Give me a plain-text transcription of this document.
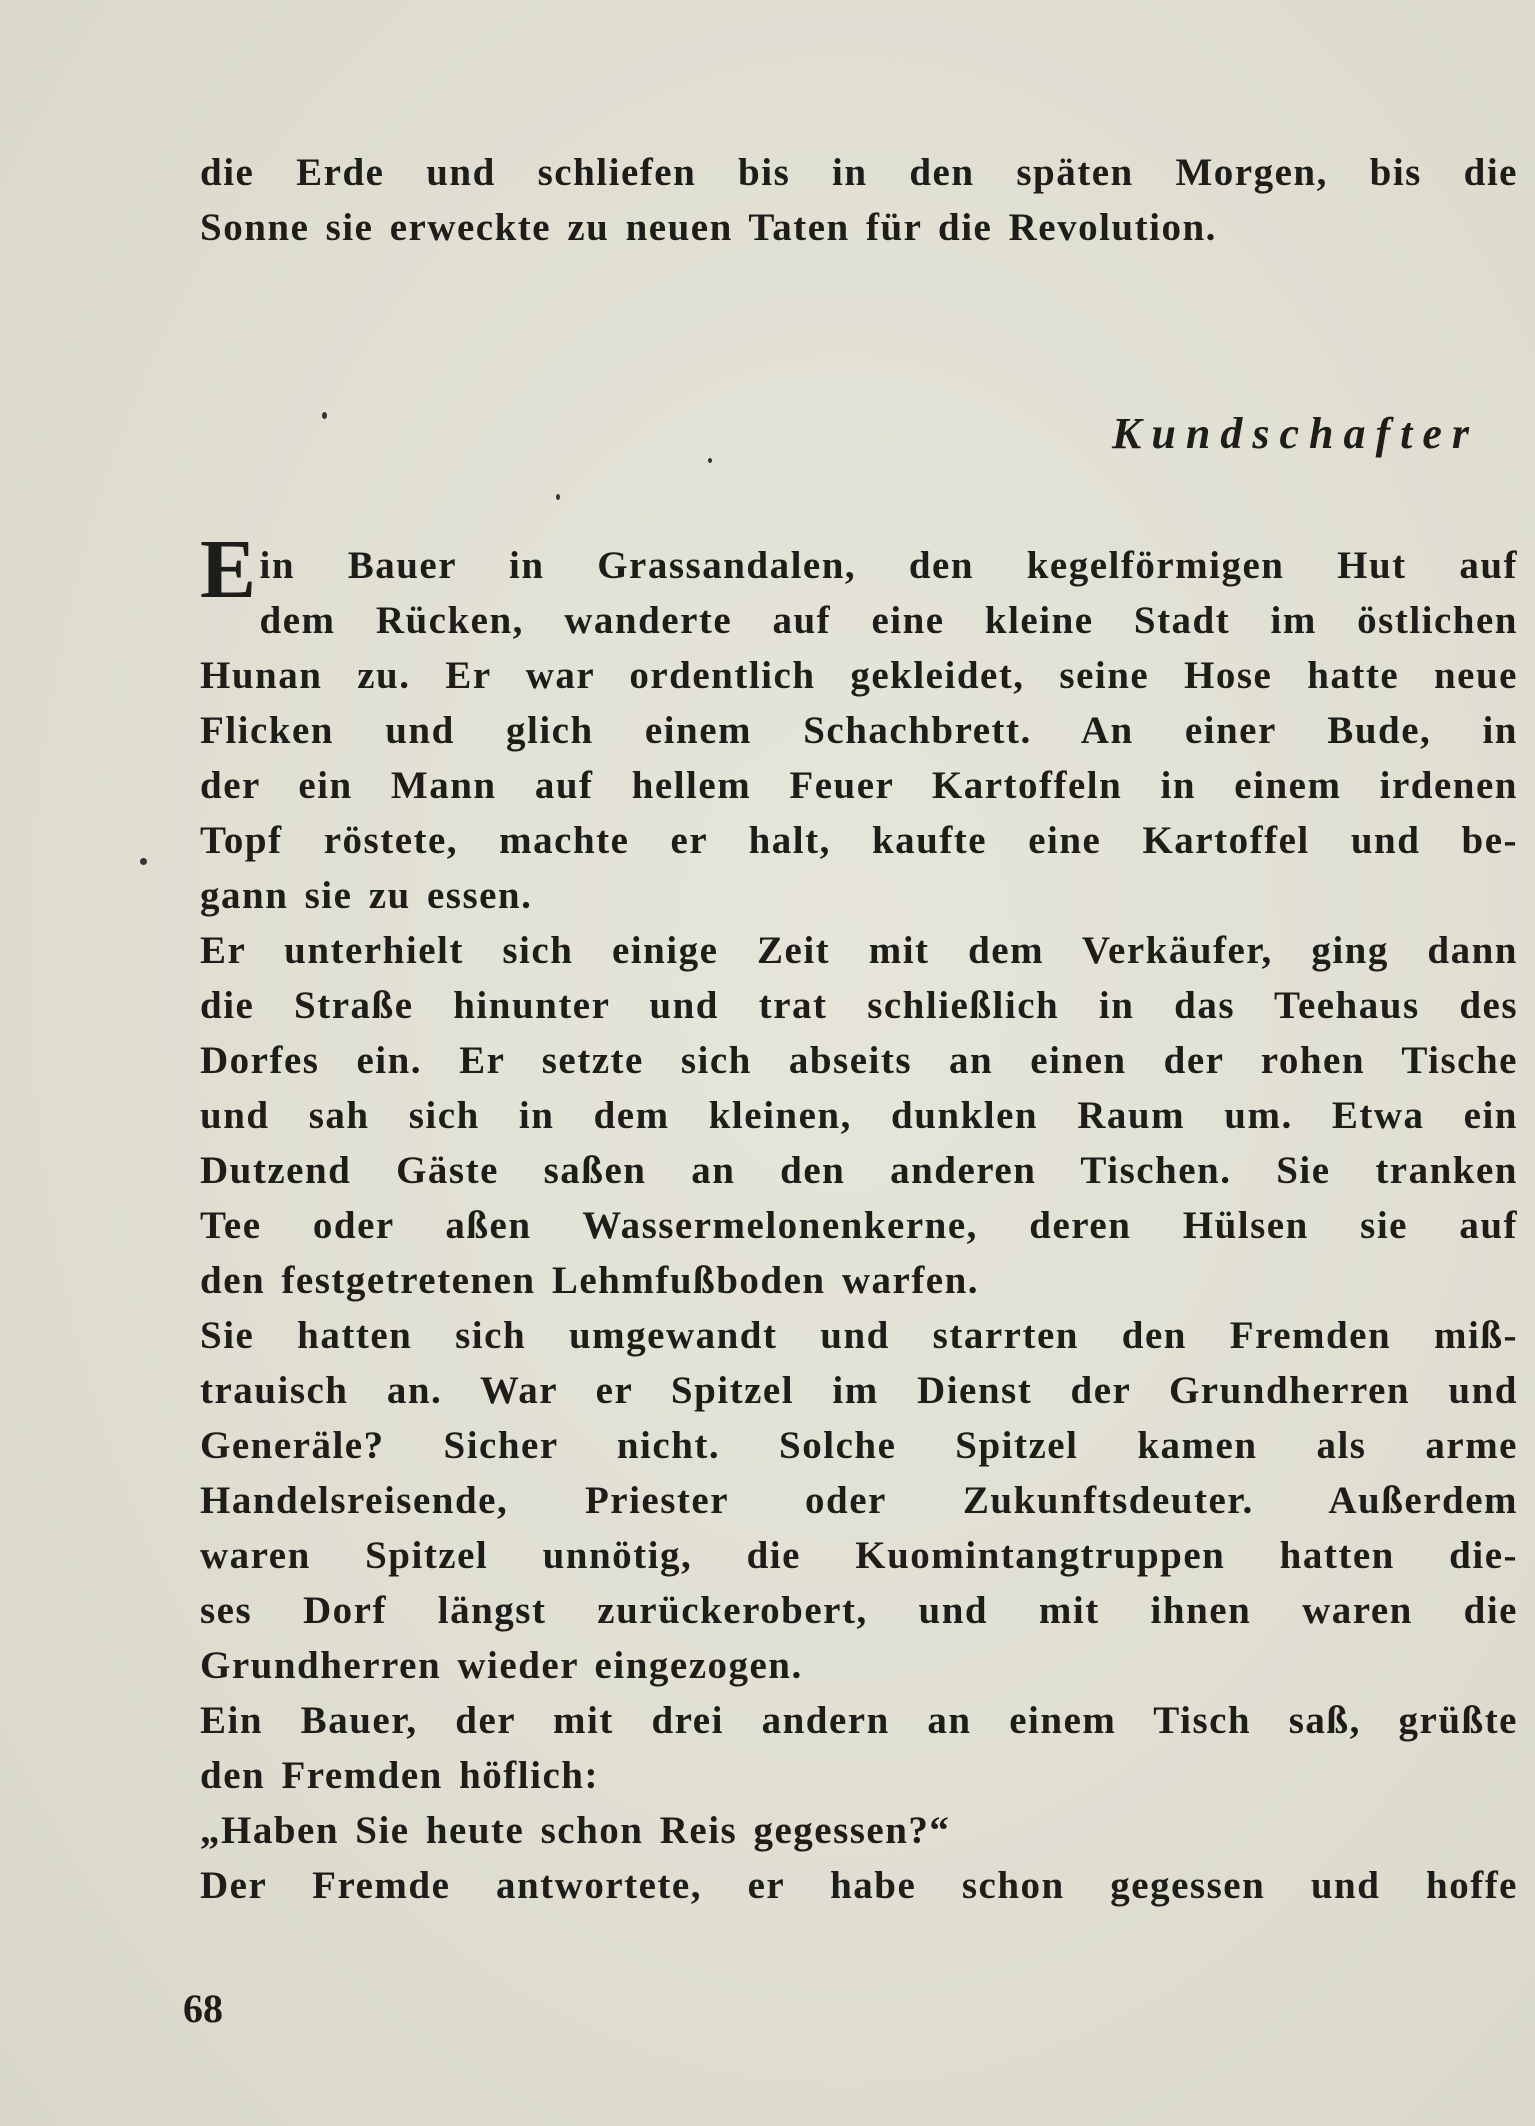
die Erde und schliefen bis in den späten Morgen, bis die
Sonne sie erweckte zu neuen Taten für die Revolution.
Kundschafter
E in Bauer in Grassandalen, den kegelförmigen Hut auf
dem Rücken, wanderte auf eine kleine Stadt im östlichen
Hunan zu. Er war ordentlich gekleidet, seine Hose hatte neue
Flicken und glich einem Schachbrett. An einer Bude, in
der ein Mann auf hellem Feuer Kartoffeln in einem irdenen
Topf röstete, machte er halt, kaufte eine Kartoffel und be-
gann sie zu essen.
Er unterhielt sich einige Zeit mit dem Verkäufer, ging dann
die Straße hinunter und trat schließlich in das Teehaus des
Dorfes ein. Er setzte sich abseits an einen der rohen Tische
und sah sich in dem kleinen, dunklen Raum um. Etwa ein
Dutzend Gäste saßen an den anderen Tischen. Sie tranken
Tee oder aßen Wassermelonenkerne, deren Hülsen sie auf
den festgetretenen Lehmfußboden warfen.
Sie hatten sich umgewandt und starrten den Fremden miß-
trauisch an. War er Spitzel im Dienst der Grundherren und
Generäle? Sicher nicht. Solche Spitzel kamen als arme
Handelsreisende, Priester oder Zukunftsdeuter. Außerdem
waren Spitzel unnötig, die Kuomintangtruppen hatten die-
ses Dorf längst zurückerobert, und mit ihnen waren die
Grundherren wieder eingezogen.
Ein Bauer, der mit drei andern an einem Tisch saß, grüßte
den Fremden höflich:
„Haben Sie heute schon Reis gegessen?“
Der Fremde antwortete, er habe schon gegessen und hoffe
68
